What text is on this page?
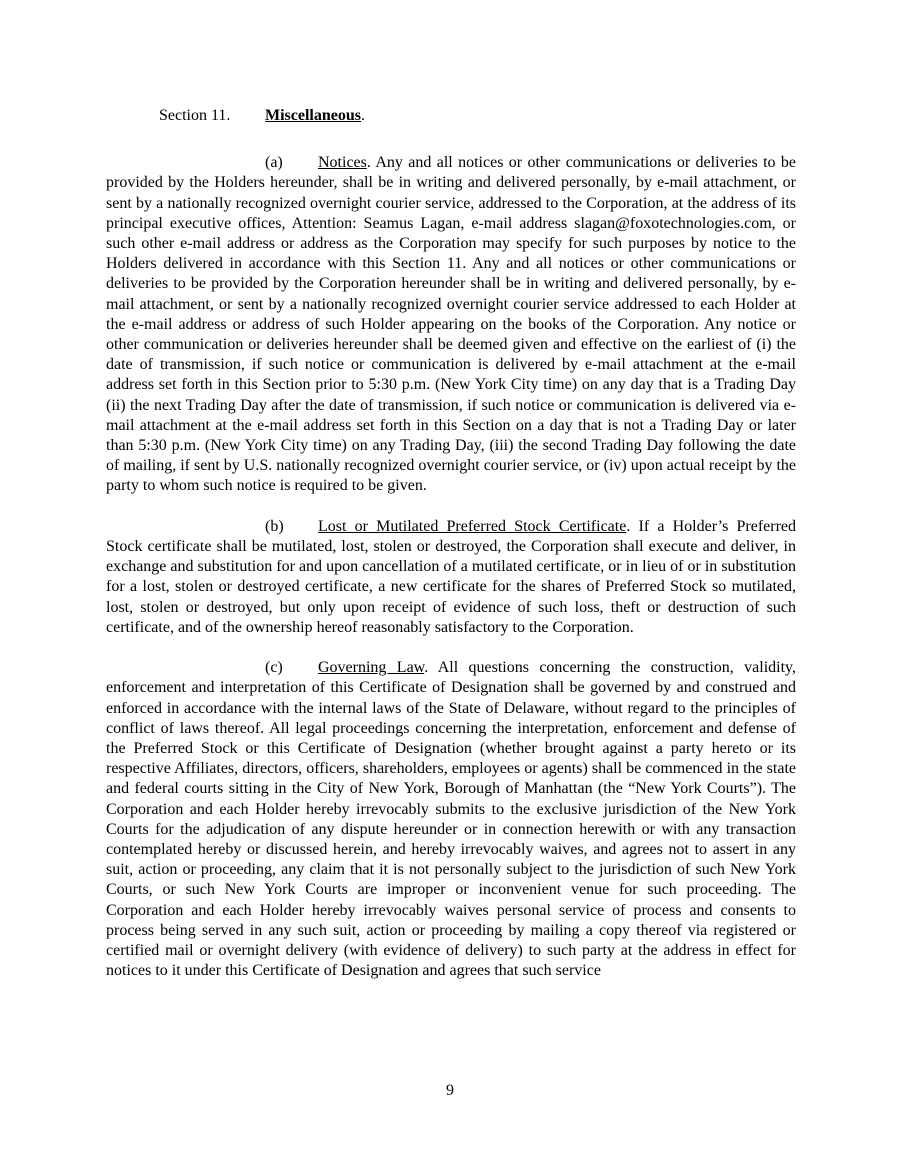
Section 11. Miscellaneous.

(a) Notices. Any and all notices or other communications or deliveries to be provided by the Holders hereunder, shall be in writing and delivered personally, by e-mail attachment, or sent by a nationally recognized overnight courier service, addressed to the Corporation, at the address of its principal executive offices, Attention: Seamus Lagan, e-mail address slagan@foxotechnologies.com, or such other e-mail address or address as the Corporation may specify for such purposes by notice to the Holders delivered in accordance with this Section 11. Any and all notices or other communications or deliveries to be provided by the Corporation hereunder shall be in writing and delivered personally, by e-mail attachment, or sent by a nationally recognized overnight courier service addressed to each Holder at the e-mail address or address of such Holder appearing on the books of the Corporation. Any notice or other communication or deliveries hereunder shall be deemed given and effective on the earliest of (i) the date of transmission, if such notice or communication is delivered by e-mail attachment at the e-mail address set forth in this Section prior to 5:30 p.m. (New York City time) on any day that is a Trading Day (ii) the next Trading Day after the date of transmission, if such notice or communication is delivered via e-mail attachment at the e-mail address set forth in this Section on a day that is not a Trading Day or later than 5:30 p.m. (New York City time) on any Trading Day, (iii) the second Trading Day following the date of mailing, if sent by U.S. nationally recognized overnight courier service, or (iv) upon actual receipt by the party to whom such notice is required to be given.

(b) Lost or Mutilated Preferred Stock Certificate. If a Holder’s Preferred Stock certificate shall be mutilated, lost, stolen or destroyed, the Corporation shall execute and deliver, in exchange and substitution for and upon cancellation of a mutilated certificate, or in lieu of or in substitution for a lost, stolen or destroyed certificate, a new certificate for the shares of Preferred Stock so mutilated, lost, stolen or destroyed, but only upon receipt of evidence of such loss, theft or destruction of such certificate, and of the ownership hereof reasonably satisfactory to the Corporation.

(c) Governing Law. All questions concerning the construction, validity, enforcement and interpretation of this Certificate of Designation shall be governed by and construed and enforced in accordance with the internal laws of the State of Delaware, without regard to the principles of conflict of laws thereof. All legal proceedings concerning the interpretation, enforcement and defense of the Preferred Stock or this Certificate of Designation (whether brought against a party hereto or its respective Affiliates, directors, officers, shareholders, employees or agents) shall be commenced in the state and federal courts sitting in the City of New York, Borough of Manhattan (the “New York Courts”). The Corporation and each Holder hereby irrevocably submits to the exclusive jurisdiction of the New York Courts for the adjudication of any dispute hereunder or in connection herewith or with any transaction contemplated hereby or discussed herein, and hereby irrevocably waives, and agrees not to assert in any suit, action or proceeding, any claim that it is not personally subject to the jurisdiction of such New York Courts, or such New York Courts are improper or inconvenient venue for such proceeding. The Corporation and each Holder hereby irrevocably waives personal service of process and consents to process being served in any such suit, action or proceeding by mailing a copy thereof via registered or certified mail or overnight delivery (with evidence of delivery) to such party at the address in effect for notices to it under this Certificate of Designation and agrees that such service

9
